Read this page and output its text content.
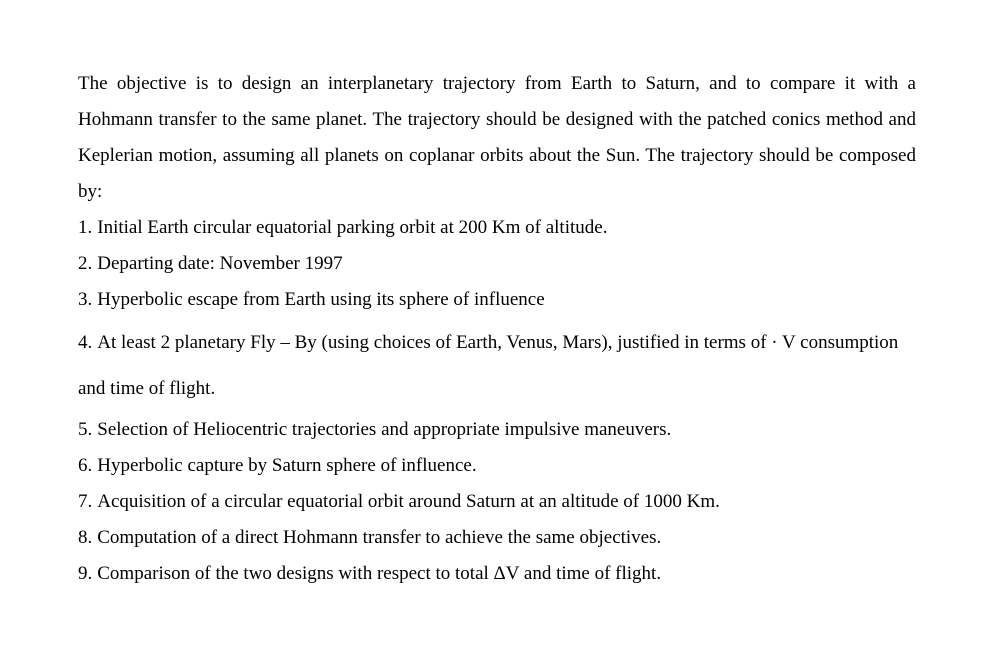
The objective is to design an interplanetary trajectory from Earth to Saturn, and to compare it with a Hohmann transfer to the same planet. The trajectory should be designed with the patched conics method and Keplerian motion, assuming all planets on coplanar orbits about the Sun. The trajectory should be composed by:

1. Initial Earth circular equatorial parking orbit at 200 Km of altitude.
2. Departing date: November 1997
3. Hyperbolic escape from Earth using its sphere of influence
4. At least 2 planetary Fly – By (using choices of Earth, Venus, Mars), justified in terms of · V consumption and time of flight.
5. Selection of Heliocentric trajectories and appropriate impulsive maneuvers.
6. Hyperbolic capture by Saturn sphere of influence.
7. Acquisition of a circular equatorial orbit around Saturn at an altitude of 1000 Km.
8. Computation of a direct Hohmann transfer to achieve the same objectives.
9. Comparison of the two designs with respect to total ΔV and time of flight.
